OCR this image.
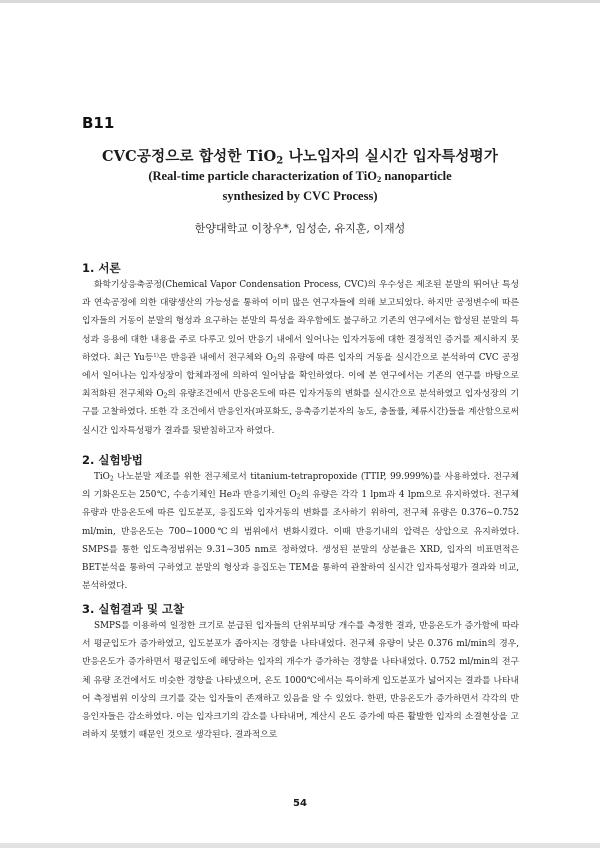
B11
CVC공정으로 합성한 TiO$_2$ 나노입자의 실시간 입자특성평가
(Real-time particle characterization of TiO$_2$ nanoparticle
synthesized by CVC Process)
한양대학교 이창우*, 임성순, 유지훈, 이재성
1. 서론

화학기상응축공정(Chemical Vapor Condensation Process, CVC)의 우수성은 제조된 분말의 뛰어난 특성과 연속공정에 의한 대량생산의 가능성을 통하여 이미 많은 연구자들에 의해 보고되었다. 하지만 공정변수에 따른 입자들의 거동이 분말의 형성과 요구하는 분말의 특성을 좌우함에도 불구하고 기존의 연구에서는 합성된 분말의 특성과 응용에 대한 내용을 주로 다루고 있어 반응기 내에서 일어나는 입자거동에 대한 결정적인 증거를 제시하지 못하였다. 최근 Yu등$^{1)}$은 반응관 내에서 전구체와 $O_2$의 유량에 따른 입자의 거동을 실시간으로 분석하여 CVC 공정에서 일어나는 입자성장이 합체과정에 의하여 일어남을 확인하였다. 이에 본 연구에서는 기존의 연구를 바탕으로 최적화된 전구체와 $O_2$의 유량조건에서 반응온도에 따른 입자거동의 변화를 실시간으로 분석하였고 입자성장의 기구를 고찰하였다. 또한 각 조건에서 반응인자(파포화도, 응축증기분자의 농도, 충돌률, 체류시간)들을 계산함으로써 실시간 입자특성평가 결과를 뒷받침하고자 하였다.

2. 실험방법

TiO$_2$ 나노분말 제조를 위한 전구체로서 titanium-tetrapropoxide (TTIP, 99.999%)를 사용하였다. 전구체의 기화온도는 250℃, 수송기체인 He과 반응기체인 $O_2$의 유량은 각각 1 lpm과 4 lpm으로 유지하였다. 전구체 유량과 반응온도에 따른 입도분포, 응집도와 입자거동의 변화를 조사하기 위하여, 전구체 유량은 0.376∼0.752 ml/min, 반응온도는 700∼1000℃의 범위에서 변화시켰다. 이때 반응기내의 압력은 상압으로 유지하였다. SMPS를 통한 입도측정범위는 9.31∼305 nm로 정하였다. 생성된 분말의 상분율은 XRD, 입자의 비표면적은 BET분석을 통하여 구하였고 분말의 형상과 응집도는 TEM을 통하여 관찰하여 실시간 입자특성평가 결과와 비교, 분석하였다.

3. 실험결과 및 고찰

SMPS를 이용하여 일정한 크기로 분급된 입자들의 단위부피당 개수를 측정한 결과, 반응온도가 증가함에 따라서 평균입도가 증가하였고, 입도분포가 좁아지는 경향을 나타내었다. 전구체 유량이 낮은 0.376 ml/min의 경우, 반응온도가 증가하면서 평균입도에 해당하는 입자의 개수가 증가하는 경향을 나타내었다. 0.752 ml/min의 전구체 유량 조건에서도 비슷한 경향을 나타냈으며, 온도 1000℃에서는 특이하게 입도분포가 넓어지는 결과를 나타내어 측정범위 이상의 크기를 갖는 입자들이 존재하고 있음을 알 수 있었다. 한편, 반응온도가 증가하면서 각각의 반응인자들은 감소하였다. 이는 입자크기의 감소를 나타내며, 계산시 온도 증가에 따른 활발한 입자의 소결현상을 고려하지 못했기 때문인 것으로 생각된다. 결과적으로

54
